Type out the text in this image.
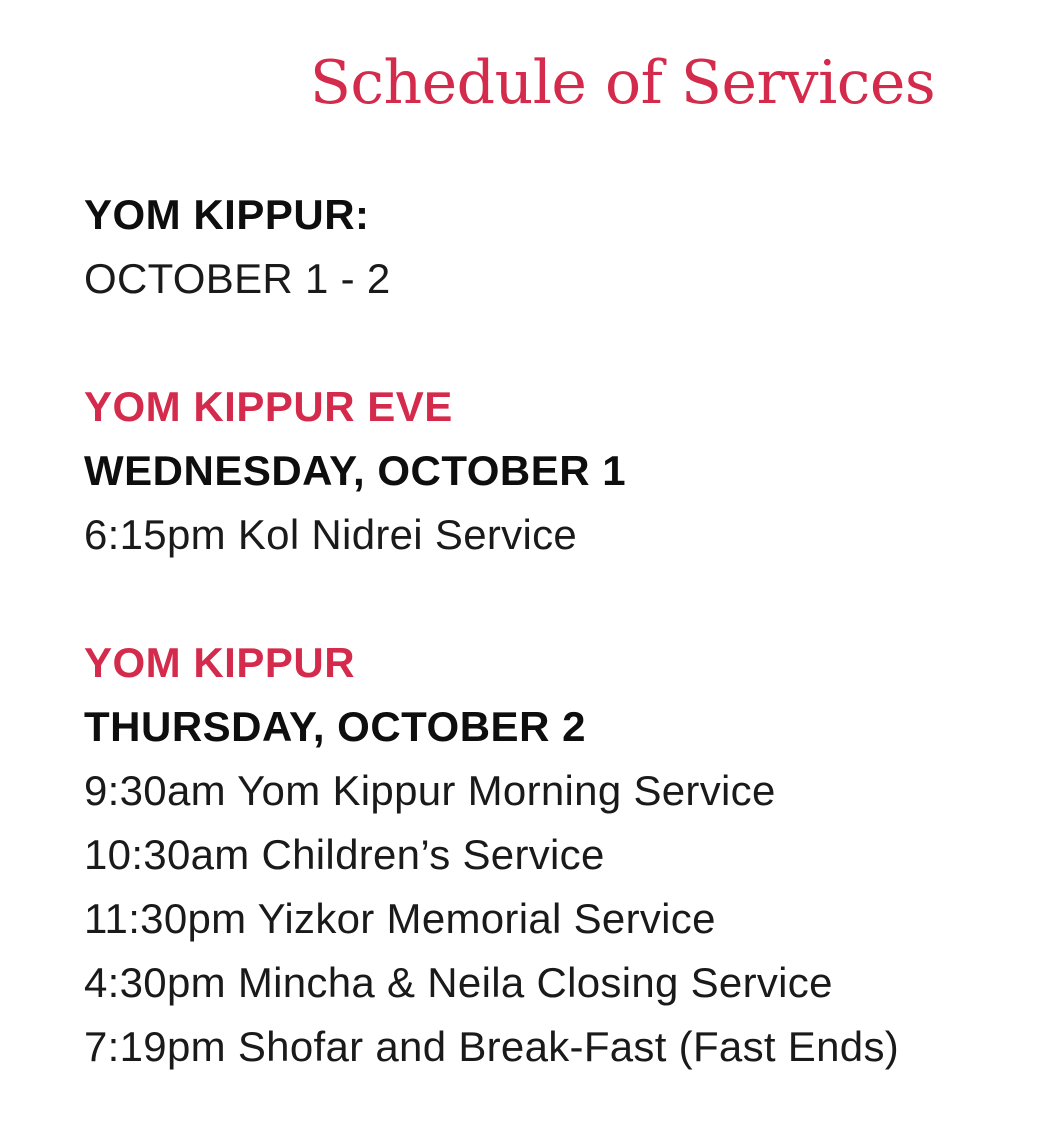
Schedule of Services
YOM KIPPUR:
OCTOBER 1 - 2
YOM KIPPUR EVE
WEDNESDAY, OCTOBER 1
6:15pm Kol Nidrei Service
YOM KIPPUR
THURSDAY, OCTOBER 2
9:30am Yom Kippur Morning Service
10:30am Children’s Service
11:30pm Yizkor Memorial Service
4:30pm Mincha & Neila Closing Service
7:19pm Shofar and Break-Fast (Fast Ends)
